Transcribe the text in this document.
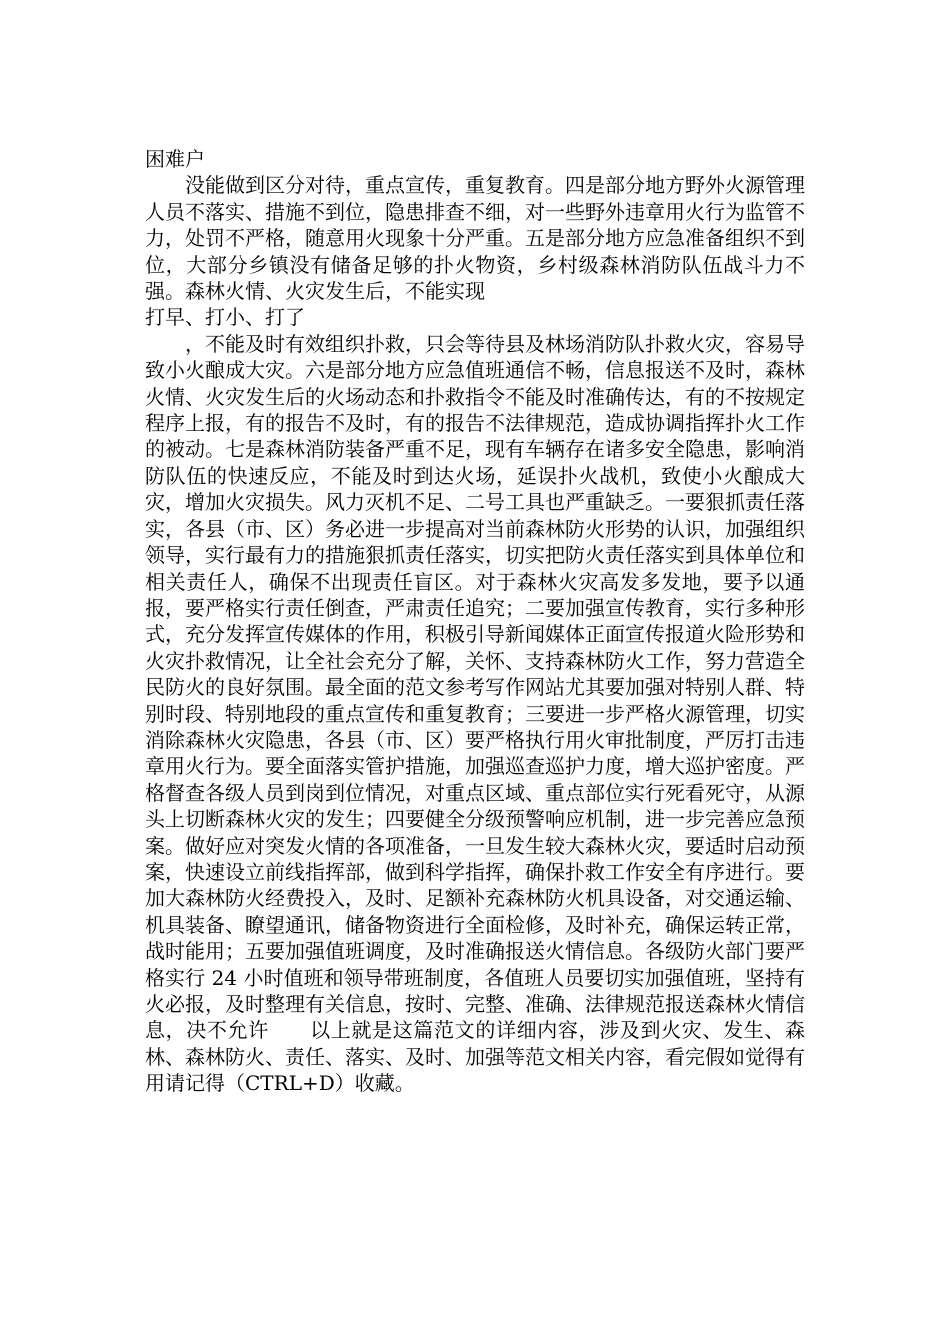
困难户

没能做到区分对待，重点宣传，重复教育。四是部分地方野外火源管理人员不落实、措施不到位，隐患排查不细，对一些野外违章用火行为监管不力，处罚不严格，随意用火现象十分严重。五是部分地方应急准备组织不到位，大部分乡镇没有储备足够的扑火物资，乡村级森林消防队伍战斗力不强。森林火情、火灾发生后，不能实现

打早、打小、打了

，不能及时有效组织扑救，只会等待县及林场消防队扑救火灾，容易导致小火酿成大灾。六是部分地方应急值班通信不畅，信息报送不及时，森林火情、火灾发生后的火场动态和扑救指令不能及时准确传达，有的不按规定程序上报，有的报告不及时，有的报告不法律规范，造成协调指挥扑火工作的被动。七是森林消防装备严重不足，现有车辆存在诸多安全隐患，影响消防队伍的快速反应，不能及时到达火场，延误扑火战机，致使小火酿成大灾，增加火灾损失。风力灭机不足、二号工具也严重缺乏。一要狠抓责任落实，各县（市、区）务必进一步提高对当前森林防火形势的认识，加强组织领导，实行最有力的措施狠抓责任落实，切实把防火责任落实到具体单位和相关责任人，确保不出现责任盲区。对于森林火灾高发多发地，要予以通报，要严格实行责任倒查，严肃责任追究；二要加强宣传教育，实行多种形式，充分发挥宣传媒体的作用，积极引导新闻媒体正面宣传报道火险形势和火灾扑救情况，让全社会充分了解，关怀、支持森林防火工作，努力营造全民防火的良好氛围。最全面的范文参考写作网站尤其要加强对特别人群、特别时段、特别地段的重点宣传和重复教育；三要进一步严格火源管理，切实消除森林火灾隐患，各县（市、区）要严格执行用火审批制度，严厉打击违章用火行为。要全面落实管护措施，加强巡查巡护力度，增大巡护密度。严格督查各级人员到岗到位情况，对重点区域、重点部位实行死看死守，从源头上切断森林火灾的发生；四要健全分级预警响应机制，进一步完善应急预案。做好应对突发火情的各项准备，一旦发生较大森林火灾，要适时启动预案，快速设立前线指挥部，做到科学指挥，确保扑救工作安全有序进行。要加大森林防火经费投入，及时、足额补充森林防火机具设备，对交通运输、机具装备、瞭望通讯，储备物资进行全面检修，及时补充，确保运转正常，战时能用；五要加强值班调度，及时准确报送火情信息。各级防火部门要严格实行 24 小时值班和领导带班制度，各值班人员要切实加强值班，坚持有火必报，及时整理有关信息，按时、完整、准确、法律规范报送森林火情信息，决不允许　　以上就是这篇范文的详细内容，涉及到火灾、发生、森林、森林防火、责任、落实、及时、加强等范文相关内容，看完假如觉得有用请记得（CTRL+D）收藏。
